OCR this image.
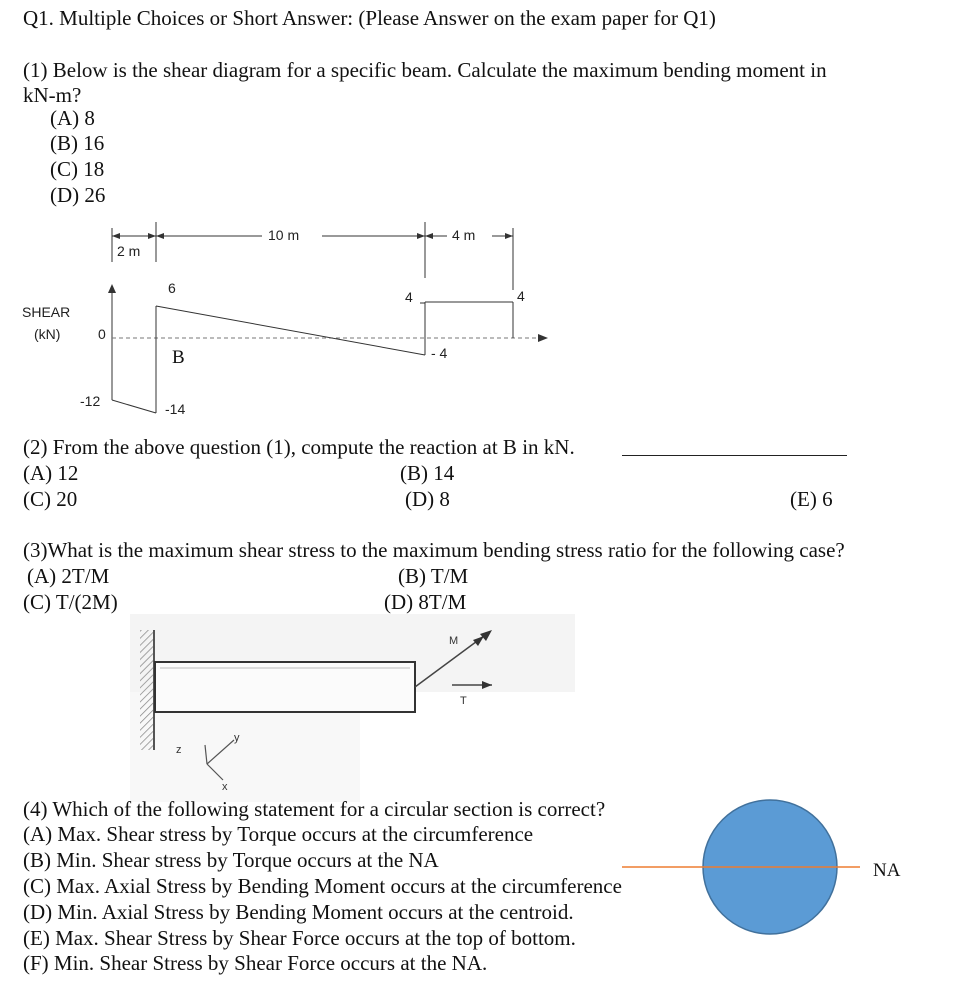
Q1. Multiple Choices or Short Answer: (Please Answer on the exam paper for Q1)
(1) Below is the shear diagram for a specific beam. Calculate the maximum bending moment in
kN-m?
(A) 8
(B) 16
(C) 18
(D) 26
2 m
10 m	4 m
6
4	4
- 4
-12	-14
0
SHEAR
(kN)
B
(2) From the above question (1), compute the reaction at B in kN.
(A) 12	(B) 14
(C) 20	(D) 8	(E) 6
(3)What is the maximum shear stress to the maximum bending stress ratio for the following case?
(A) 2T/M	(B) T/M
(C) T/(2M)	(D) 8T/M
M
T
z
y
x
(4) Which of the following statement for a circular section is correct?
(A) Max. Shear stress by Torque occurs at the circumference
(B) Min. Shear stress by Torque occurs at the NA
(C) Max. Axial Stress by Bending Moment occurs at the circumference
(D) Min. Axial Stress by Bending Moment occurs at the centroid.
(E) Max. Shear Stress by Shear Force occurs at the top of bottom.
(F) Min. Shear Stress by Shear Force occurs at the NA.
NA
